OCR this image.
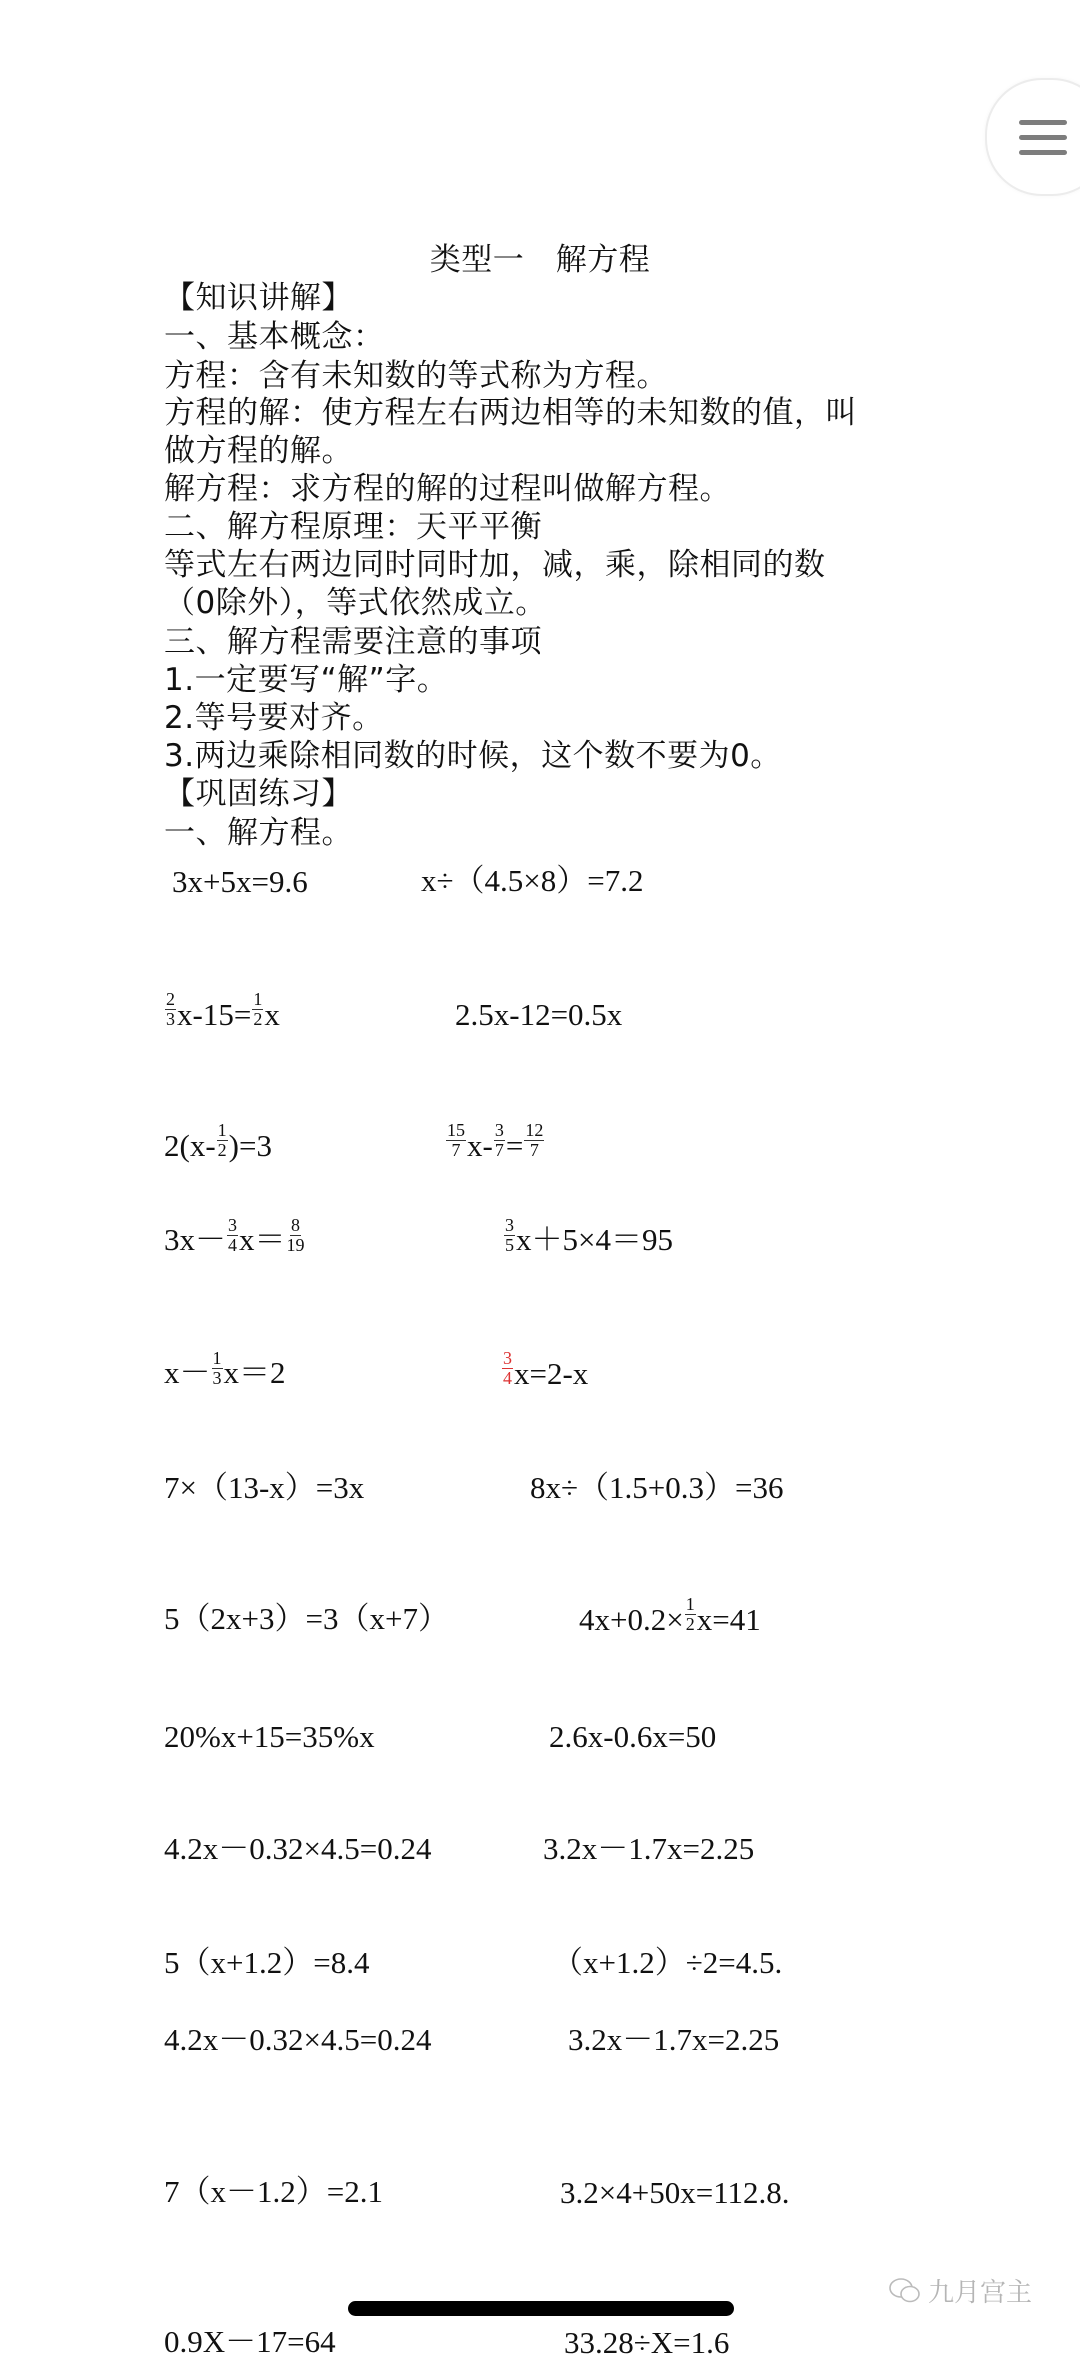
类型一　解方程
【知识讲解】
一、基本概念：
方程：含有未知数的等式称为方程。
方程的解：使方程左右两边相等的未知数的值，叫
做方程的解。
解方程：求方程的解的过程叫做解方程。
二、解方程原理：天平平衡
等式左右两边同时同时加，减，乘，除相同的数
（0除外），等式依然成立。
三、解方程需要注意的事项
1.一定要写“解”字。
2.等号要对齐。
3.两边乘除相同数的时候，这个数不要为0。
【巩固练习】
一、解方程。
3x+5x=9.6	x÷（4.5×8）=7.2
$\frac{2}{3} x-15= \frac{1}{2}$ x	2.5x-12=0.5x
$2(x- \frac{1}{2} )=3$	$\frac{15}{7} x- \frac{3}{7} = \frac{12}{7}$
$3x- \frac{3}{4} x= \frac{8}{19}$	$\frac{3}{5} x+5\times 4=95$
$x- \frac{1}{3} x=2$	$\frac{3}{4} x=2-x$
7×（13-x）=3x	8x÷（1.5+0.3）=36
5（2x+3）=3（x+7）	$4x+0.2\times \frac{1}{2} x=41$
20%x+15=35%x	2.6x-0.6x=50
4.2x－0.32×4.5=0.24	3.2x－1.7x=2.25
5（x+1.2）=8.4	（x+1.2）÷2=4.5.
4.2x－0.32×4.5=0.24	3.2x－1.7x=2.25
7（x－1.2）=2.1	3.2×4+50x=112.8.
0.9X－17=64	33.28÷X=1.6
九月宫主
